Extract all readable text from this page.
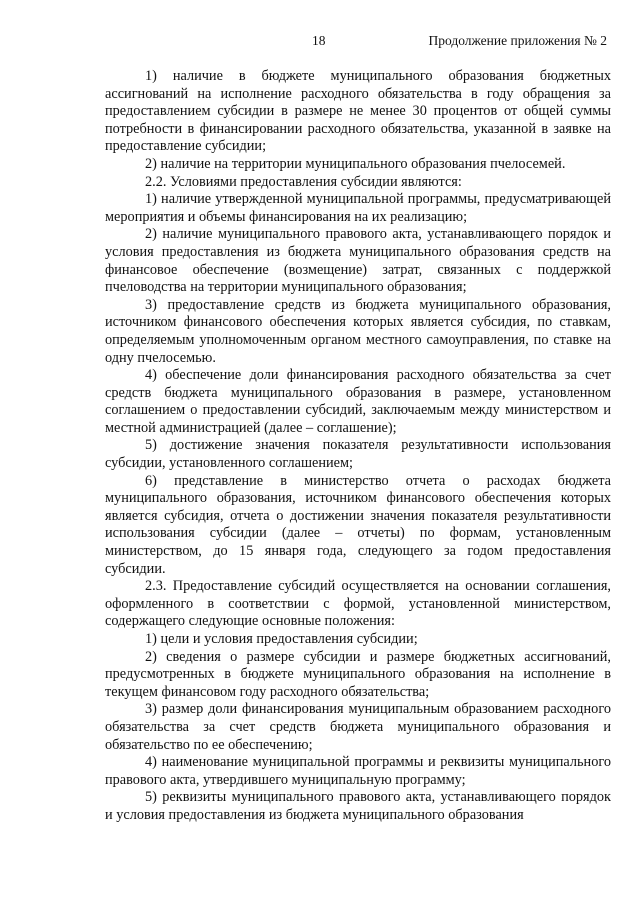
18	Продолжение приложения № 2

1) наличие в бюджете муниципального образования бюджетных ассигнований на исполнение расходного обязательства в году обращения за предоставлением субсидии в размере не менее 30 процентов от общей суммы потребности в финансировании расходного обязательства, указанной в заявке на предоставление субсидии;

2) наличие на территории муниципального образования пчелосемей.

2.2. Условиями предоставления субсидии являются:

1) наличие утвержденной муниципальной программы, предусматривающей мероприятия и объемы финансирования на их реализацию;

2) наличие муниципального правового акта, устанавливающего порядок и условия предоставления из бюджета муниципального образования средств на финансовое обеспечение (возмещение) затрат, связанных с поддержкой пчеловодства на территории муниципального образования;

3) предоставление средств из бюджета муниципального образования, источником финансового обеспечения которых является субсидия, по ставкам, определяемым уполномоченным органом местного самоуправления, по ставке на одну пчелосемью.

4) обеспечение доли финансирования расходного обязательства за счет средств бюджета муниципального образования в размере, установленном соглашением о предоставлении субсидий, заключаемым между министерством и местной администрацией (далее – соглашение);

5) достижение значения показателя результативности использования субсидии, установленного соглашением;

6) представление в министерство отчета о расходах бюджета муниципального образования, источником финансового обеспечения которых является субсидия, отчета о достижении значения показателя результативности использования субсидии (далее – отчеты) по формам, установленным министерством, до 15 января года, следующего за годом предоставления субсидии.

2.3. Предоставление субсидий осуществляется на основании соглашения, оформленного в соответствии с формой, установленной министерством, содержащего следующие основные положения:

1) цели и условия предоставления субсидии;

2) сведения о размере субсидии и размере бюджетных ассигнований, предусмотренных в бюджете муниципального образования на исполнение в текущем финансовом году расходного обязательства;

3) размер доли финансирования муниципальным образованием расходного обязательства за счет средств бюджета муниципального образования и обязательство по ее обеспечению;

4) наименование муниципальной программы и реквизиты муниципального правового акта, утвердившего муниципальную программу;

5) реквизиты муниципального правового акта, устанавливающего порядок и условия предоставления из бюджета муниципального образования
